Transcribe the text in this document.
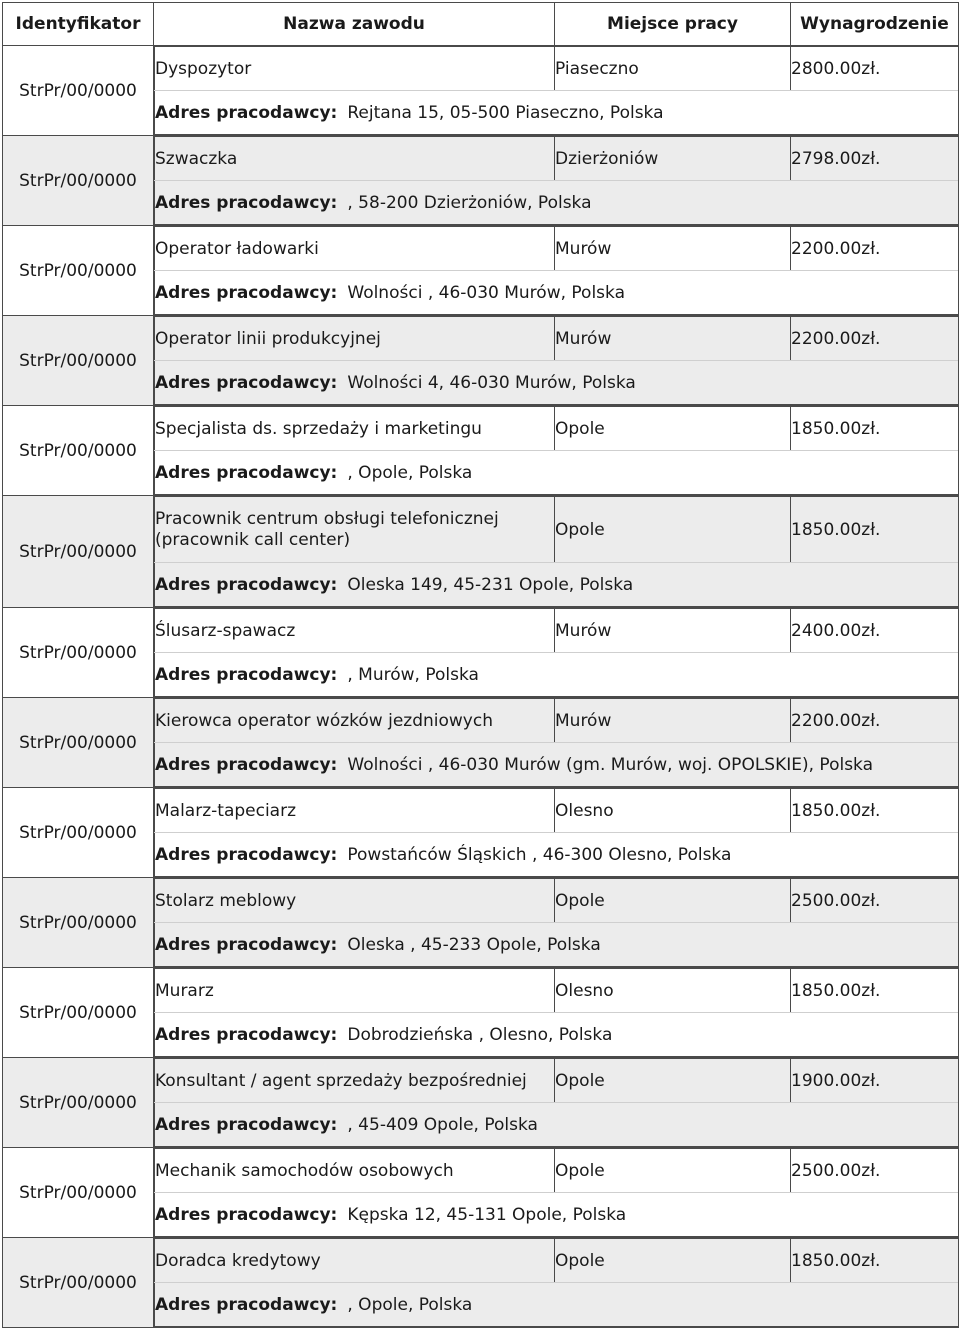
Identyfikator	Nazwa zawodu	Miejsce pracy	Wynagrodzenie
StrPr/00/0000	
Dyspozytor	Piaseczno	2800.00zł.
Adres pracodawcy: Rejtana 15, 05-500 Piaseczno, Polska

StrPr/00/0000	
Szwaczka	Dzierżoniów	2798.00zł.
Adres pracodawcy: , 58-200 Dzierżoniów, Polska

StrPr/00/0000	
Operator ładowarki	Murów	2200.00zł.
Adres pracodawcy: Wolności , 46-030 Murów, Polska

StrPr/00/0000	
Operator linii produkcyjnej	Murów	2200.00zł.
Adres pracodawcy: Wolności 4, 46-030 Murów, Polska

StrPr/00/0000	
Specjalista ds. sprzedaży i marketingu	Opole	1850.00zł.
Adres pracodawcy: , Opole, Polska

StrPr/00/0000	
Pracownik centrum obsługi telefonicznej
(pracownik call center)	Opole	1850.00zł.
Adres pracodawcy: Oleska 149, 45-231 Opole, Polska

StrPr/00/0000	
Ślusarz-spawacz	Murów	2400.00zł.
Adres pracodawcy: , Murów, Polska

StrPr/00/0000	
Kierowca operator wózków jezdniowych	Murów	2200.00zł.
Adres pracodawcy: Wolności , 46-030 Murów (gm. Murów, woj. OPOLSKIE), Polska

StrPr/00/0000	
Malarz-tapeciarz	Olesno	1850.00zł.
Adres pracodawcy: Powstańców Śląskich , 46-300 Olesno, Polska

StrPr/00/0000	
Stolarz meblowy	Opole	2500.00zł.
Adres pracodawcy: Oleska , 45-233 Opole, Polska

StrPr/00/0000	
Murarz	Olesno	1850.00zł.
Adres pracodawcy: Dobrodzieńska , Olesno, Polska

StrPr/00/0000	
Konsultant / agent sprzedaży bezpośredniej	Opole	1900.00zł.
Adres pracodawcy: , 45-409 Opole, Polska

StrPr/00/0000	
Mechanik samochodów osobowych	Opole	2500.00zł.
Adres pracodawcy: Kępska 12, 45-131 Opole, Polska

StrPr/00/0000	
Doradca kredytowy	Opole	1850.00zł.
Adres pracodawcy: , Opole, Polska
